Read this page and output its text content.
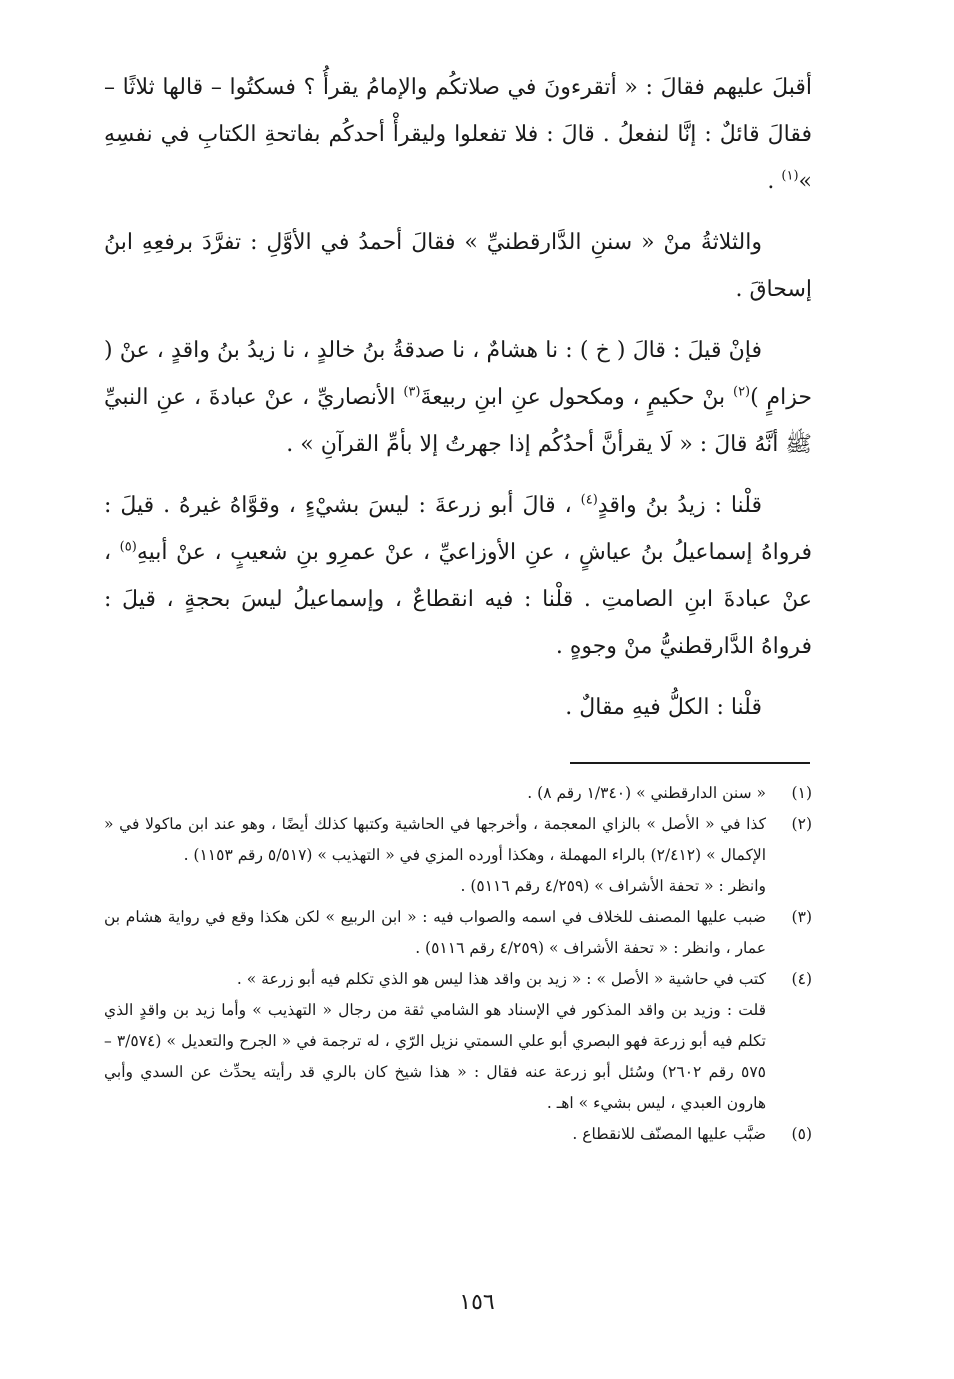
أقبلَ عليهم فقالَ : « أتقرءونَ في صلاتكُم والإمامُ يقرأُ ؟ فسكتُوا – قالها ثلاثًا – فقالَ قائلٌ : إنَّا لنفعلُ . قالَ : فلا تفعلوا وليقرأْ أحدكُم بفاتحةِ الكتابِ في نفسِهِ »$^{(١)}$ .

والثلاثةُ منْ « سننِ الدَّارقطنيِّ » فقالَ أحمدُ في الأوَّلِ : تفرَّدَ برفعِهِ ابنُ إسحاقَ .

فإنْ قيلَ : قالَ ( خ ) : نا هشامٌ ، نا صدقةُ بنُ خالدٍ ، نا زيدُ بنُ واقدٍ ، عنْ ( حزامٍ )$^{(٢)}$ بنْ حكيمٍ ، ومكحول عنِ ابنِ ربيعةَ$^{(٣)}$ الأنصاريِّ ، عنْ عبادةَ ، عنِ النبيِّ ﷺ أنَّهُ قالَ : « لَا يقرأنَّ أحدُكُم إذا جهرتُ إلا بأمِّ القرآنِ » .

قلْنا : زيدُ بنُ واقدٍ$^{(٤)}$ ، قالَ أبو زرعةَ : ليسَ بشيْءٍ ، وقوَّاهُ غيرهُ . قيلَ : فرواهُ إسماعيلُ بنُ عياشٍ ، عنِ الأوزاعيِّ ، عنْ عمرِو بنِ شعيبٍ ، عنْ أبيهِ$^{(٥)}$ ، عنْ عبادةَ ابنِ الصامتِ . قلْنا : فيه انقطاعٌ ، وإسماعيلُ ليسَ بحجةٍ ، قيلَ : فرواهُ الدَّارقطنيُّ منْ وجوهٍ .

قلْنا : الكلُّ فيهِ مقالٌ .

(١)

« سنن الدارقطني » (١/٣٤٠ رقم ٨) .

(٢)

كذا في « الأصل » بالزاي المعجمة ، وأخرجها في الحاشية وكتبها كذلك أيضًا ، وهو عند ابن ماكولا في « الإكمال » (٢/٤١٢) بالراء المهملة ، وهكذا أورده المزي في « التهذيب » (٥/٥١٧ رقم ١١٥٣) .

وانظر : « تحفة الأشراف » (٤/٢٥٩ رقم ٥١١٦) .

(٣)

ضبب عليها المصنف للخلاف في اسمه والصواب فيه : « ابن الربيع » لكن هكذا وقع في رواية هشام بن عمار ، وانظر : « تحفة الأشراف » (٤/٢٥٩ رقم ٥١١٦) .

(٤)

كتب في حاشية « الأصل » : « زيد بن واقد هذا ليس هو الذي تكلم فيه أبو زرعة » .

قلت : وزيد بن واقد المذكور في الإسناد هو الشامي ثقة من رجال « التهذيب » وأما زيد بن واقدٍ الذي تكلم فيه أبو زرعة فهو البصري أبو علي السمتي نزيل الرّي ، له ترجمة في « الجرح والتعديل » (٣/٥٧٤ – ٥٧٥ رقم ٢٦٠٢) وسُئل أبو زرعة عنه فقال : « هذا شيخ كان بالري قد رأيته يحدِّث عن السدي وأبي هارون العبدي ، ليس بشيء » اهـ .

(٥)

ضبَّب عليها المصنّف للانقطاع .

١٥٦
